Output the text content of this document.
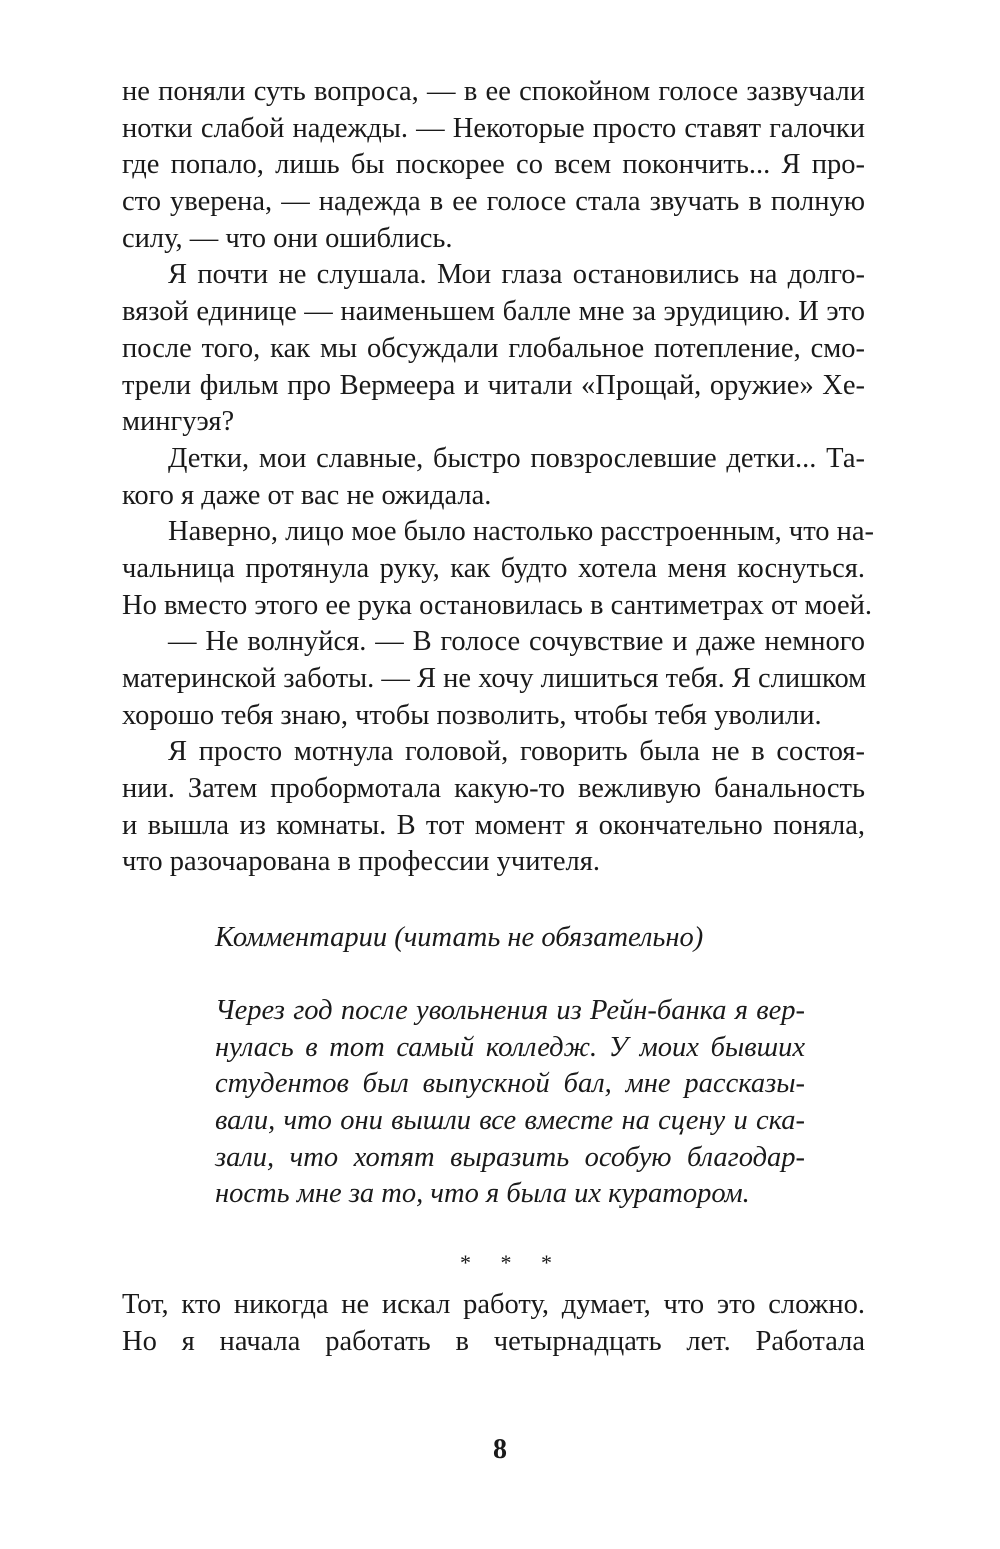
не поняли суть вопроса, — в ее спокойном голосе зазвучали

нотки слабой надежды. — Некоторые просто ставят галочки

где попало, лишь бы поскорее со всем покончить... Я про-

сто уверена, — надежда в ее голосе стала звучать в полную

силу, — что они ошиблись.

Я почти не слушала. Мои глаза остановились на долго-

вязой единице — наименьшем балле мне за эрудицию. И это

после того, как мы обсуждали глобальное потепление, смо-

трели фильм про Вермеера и читали «Прощай, оружие» Хе-

мингуэя?

Детки, мои славные, быстро повзрослевшие детки... Та-

кого я даже от вас не ожидала.

Наверно, лицо мое было настолько расстроенным, что на-

чальница протянула руку, как будто хотела меня коснуться.

Но вместо этого ее рука остановилась в сантиметрах от моей.

— Не волнуйся. — В голосе сочувствие и даже немного

материнской заботы. — Я не хочу лишиться тебя. Я слишком

хорошо тебя знаю, чтобы позволить, чтобы тебя уволили.

Я просто мотнула головой, говорить была не в состоя-

нии. Затем пробормотала какую-то вежливую банальность

и вышла из комнаты. В тот момент я окончательно поняла,

что разочарована в профессии учителя.

Комментарии (читать не обязательно)

Через год после увольнения из Рейн-банка я вер-

нулась в тот самый колледж. У моих бывших

студентов был выпускной бал, мне рассказы-

вали, что они вышли все вместе на сцену и ска-

зали, что хотят выразить особую благодар-

ность мне за то, что я была их куратором.

* * *

Тот, кто никогда не искал работу, думает, что это сложно.

Но я начала работать в четырнадцать лет. Работала

8
